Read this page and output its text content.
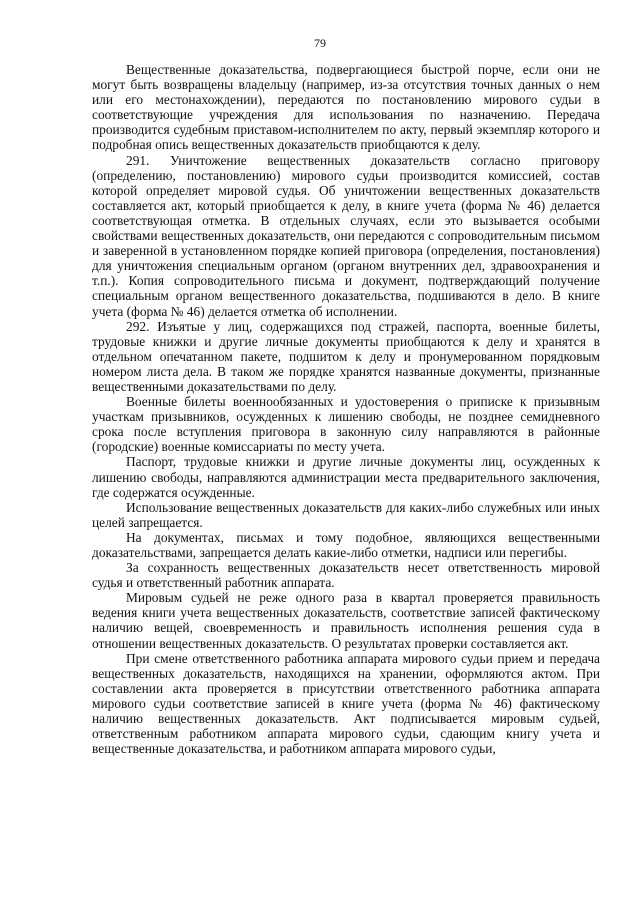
79

Вещественные доказательства, подвергающиеся быстрой порче, если они не могут быть возвращены владельцу (например, из-за отсутствия точных данных о нем или его местонахождении), передаются по постановлению мирового судьи в соответствующие учреждения для использования по назначению. Передача производится судебным приставом-исполнителем по акту, первый экземпляр которого и подробная опись вещественных доказательств приобщаются к делу.

291. Уничтожение вещественных доказательств согласно приговору (определению, постановлению) мирового судьи производится комиссией, состав которой определяет мировой судья. Об уничтожении вещественных доказательств составляется акт, который приобщается к делу, в книге учета (форма № 46) делается соответствующая отметка. В отдельных случаях, если это вызывается особыми свойствами вещественных доказательств, они передаются с сопроводительным письмом и заверенной в установленном порядке копией приговора (определения, постановления) для уничтожения специальным органом (органом внутренних дел, здравоохранения и т.п.). Копия сопроводительного письма и документ, подтверждающий получение специальным органом вещественного доказательства, подшиваются в дело. В книге учета (форма № 46) делается отметка об исполнении.

292. Изъятые у лиц, содержащихся под стражей, паспорта, военные билеты, трудовые книжки и другие личные документы приобщаются к делу и хранятся в отдельном опечатанном пакете, подшитом к делу и пронумерованном порядковым номером листа дела. В таком же порядке хранятся названные документы, признанные вещественными доказательствами по делу.

Военные билеты военнообязанных и удостоверения о приписке к призывным участкам призывников, осужденных к лишению свободы, не позднее семидневного срока после вступления приговора в законную силу направляются в районные (городские) военные комиссариаты по месту учета.

Паспорт, трудовые книжки и другие личные документы лиц, осужденных к лишению свободы, направляются администрации места предварительного заключения, где содержатся осужденные.

Использование вещественных доказательств для каких-либо служебных или иных целей запрещается.

На документах, письмах и тому подобное, являющихся вещественными доказательствами, запрещается делать какие-либо отметки, надписи или перегибы.

За сохранность вещественных доказательств несет ответственность мировой судья и ответственный работник аппарата.

Мировым судьей не реже одного раза в квартал проверяется правильность ведения книги учета вещественных доказательств, соответствие записей фактическому наличию вещей, своевременность и правильность исполнения решения суда в отношении вещественных доказательств. О результатах проверки составляется акт.

При смене ответственного работника аппарата мирового судьи прием и передача вещественных доказательств, находящихся на хранении, оформляются актом. При составлении акта проверяется в присутствии ответственного работника аппарата мирового судьи соответствие записей в книге учета (форма № 46) фактическому наличию вещественных доказательств. Акт подписывается мировым судьей, ответственным работником аппарата мирового судьи, сдающим книгу учета и вещественные доказательства, и работником аппарата мирового судьи,
